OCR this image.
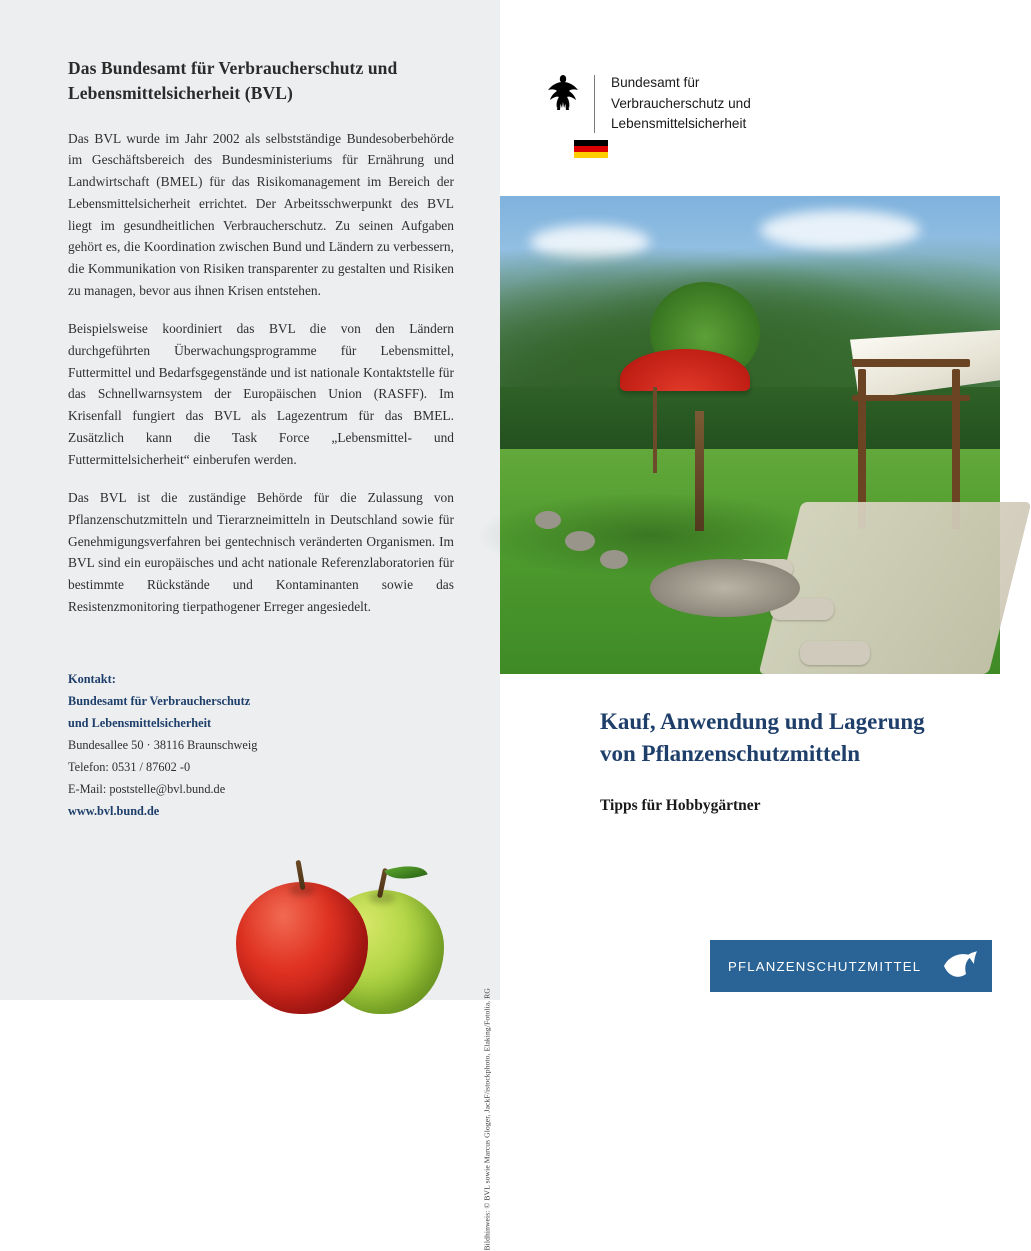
Das Bundesamt für Verbraucherschutz und Lebensmittelsicherheit (BVL)

Das BVL wurde im Jahr 2002 als selbstständige Bundesoberbehörde im Geschäftsbereich des Bundesministeriums für Ernährung und Landwirtschaft (BMEL) für das Risikomanagement im Bereich der Lebensmittelsicherheit errichtet. Der Arbeitsschwerpunkt des BVL liegt im gesundheitlichen Verbraucherschutz. Zu seinen Aufgaben gehört es, die Koordination zwischen Bund und Ländern zu verbessern, die Kommunikation von Risiken transparenter zu gestalten und Risiken zu managen, bevor aus ihnen Krisen entstehen.

Beispielsweise koordiniert das BVL die von den Ländern durchgeführten Überwachungsprogramme für Lebensmittel, Futtermittel und Bedarfsgegenstände und ist nationale Kontaktstelle für das Schnellwarnsystem der Europäischen Union (RASFF). Im Krisenfall fungiert das BVL als Lagezentrum für das BMEL. Zusätzlich kann die Task Force „Lebensmittel- und Futtermittelsicherheit“ einberufen werden.

Das BVL ist die zuständige Behörde für die Zulassung von Pflanzenschutzmitteln und Tierarzneimitteln in Deutschland sowie für Genehmigungsverfahren bei gentechnisch veränderten Organismen. Im BVL sind ein europäisches und acht nationale Referenzlaboratorien für bestimmte Rückstände und Kontaminanten sowie das Resistenzmonitoring tierpathogener Erreger angesiedelt.

Kontakt:
Bundesamt für Verbraucherschutz
und Lebensmittelsicherheit
Bundesallee 50 · 38116 Braunschweig
Telefon: 0531 / 87602 -0
E-Mail: poststelle@bvl.bund.de
www.bvl.bund.de
Bildhinweis: © BVL sowie Marcus Gloger, JackF/istockphoto, Elaking/Fotolia, RG
Bundesamt für
Verbraucherschutz und
Lebensmittelsicherheit
Kauf, Anwendung und Lagerung
von Pflanzenschutzmitteln
Tipps für Hobbygärtner
PFLANZENSCHUTZMITTEL
